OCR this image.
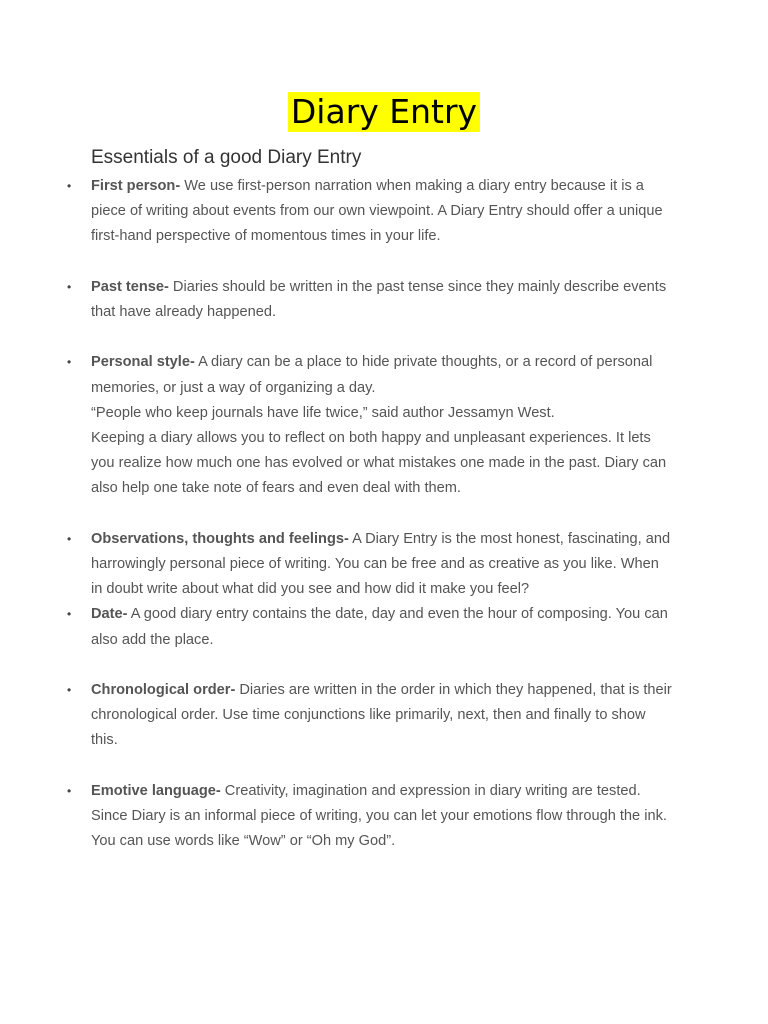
Diary Entry
Essentials of a good Diary Entry
• First person- We use first-person narration when making a diary entry because it is a piece of writing about events from our own viewpoint. A Diary Entry should offer a unique first-hand perspective of momentous times in your life.
• Past tense- Diaries should be written in the past tense since they mainly describe events that have already happened.
• Personal style- A diary can be a place to hide private thoughts, or a record of personal memories, or just a way of organizing a day.
“People who keep journals have life twice,” said author Jessamyn West.
Keeping a diary allows you to reflect on both happy and unpleasant experiences. It lets you realize how much one has evolved or what mistakes one made in the past. Diary can also help one take note of fears and even deal with them.
• Observations, thoughts and feelings- A Diary Entry is the most honest, fascinating, and harrowingly personal piece of writing. You can be free and as creative as you like. When in doubt write about what did you see and how did it make you feel?
• Date- A good diary entry contains the date, day and even the hour of composing. You can also add the place.
• Chronological order- Diaries are written in the order in which they happened, that is their chronological order. Use time conjunctions like primarily, next, then and finally to show this.
• Emotive language- Creativity, imagination and expression in diary writing are tested. Since Diary is an informal piece of writing, you can let your emotions flow through the ink. You can use words like “Wow” or “Oh my God”.
